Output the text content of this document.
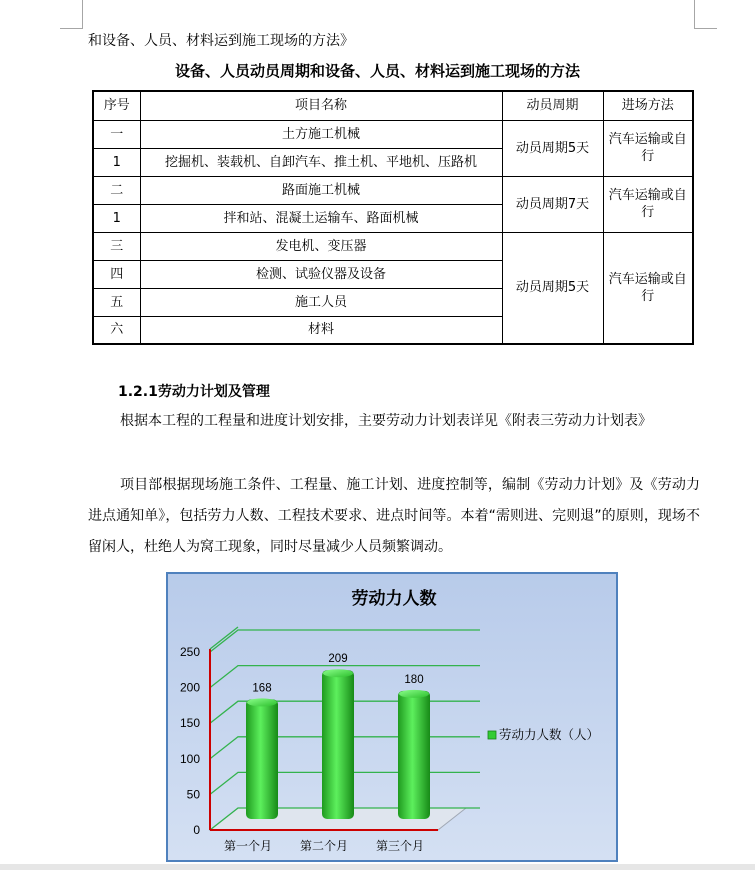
和设备、人员、材料运到施工现场的方法》
设备、人员动员周期和设备、人员、材料运到施工现场的方法
序号	项目名称	动员周期	进场方法
一	土方施工机械	动员周期5天	汽车运输或自行
1	挖掘机、装载机、自卸汽车、推土机、平地机、压路机		
二	路面施工机械	动员周期7天	汽车运输或自行
1	拌和站、混凝土运输车、路面机械		
三	发电机、变压器	动员周期5天	汽车运输或自行
四	检测、试验仪器及设备		
五	施工人员		
六	材料		
1.2.1劳动力计划及管理
根据本工程的工程量和进度计划安排，主要劳动力计划表详见《附表三劳动力计划表》
项目部根据现场施工条件、工程量、施工计划、进度控制等，编制《劳动力计划》及《劳动力进点通知单》，包括劳力人数、工程技术要求、进点时间等。本着“需则进、完则退”的原则，现场不留闲人，杜绝人为窝工现象，同时尽量减少人员频繁调动。
劳动力人数
0
50
100
150
200
250
168
第一个月
209
第二个月
180
第三个月
劳动力人数（人）
